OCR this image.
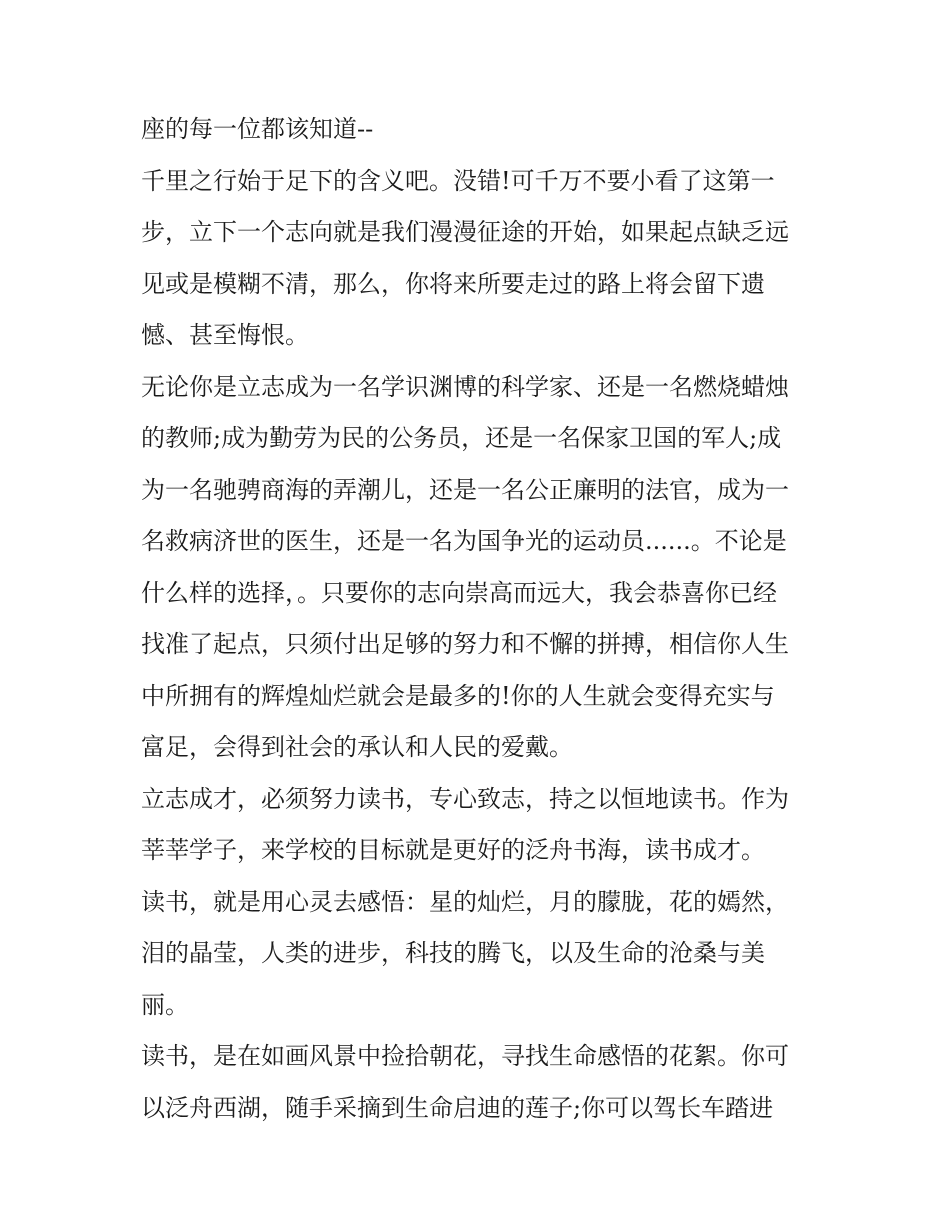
座的每一位都该知道--
千里之行始于足下的含义吧。没错!可千万不要小看了这第一
步，立下一个志向就是我们漫漫征途的开始，如果起点缺乏远
见或是模糊不清，那么，你将来所要走过的路上将会留下遗
憾、甚至悔恨。
无论你是立志成为一名学识渊博的科学家、还是一名燃烧蜡烛
的教师;成为勤劳为民的公务员，还是一名保家卫国的军人;成
为一名驰骋商海的弄潮儿，还是一名公正廉明的法官，成为一
名救病济世的医生，还是一名为国争光的运动员......。不论是
什么样的选择，。只要你的志向崇高而远大，我会恭喜你已经
找准了起点，只须付出足够的努力和不懈的拼搏，相信你人生
中所拥有的辉煌灿烂就会是最多的!你的人生就会变得充实与
富足，会得到社会的承认和人民的爱戴。
立志成才，必须努力读书，专心致志，持之以恒地读书。作为
莘莘学子，来学校的目标就是更好的泛舟书海，读书成才。
读书，就是用心灵去感悟：星的灿烂，月的朦胧，花的嫣然，
泪的晶莹，人类的进步，科技的腾飞，以及生命的沧桑与美
丽。
读书，是在如画风景中捡拾朝花，寻找生命感悟的花絮。你可
以泛舟西湖，随手采摘到生命启迪的莲子;你可以驾长车踏进
